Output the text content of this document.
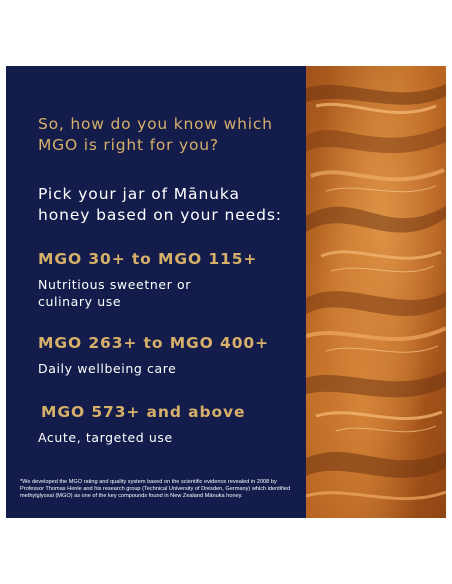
So, how do you know which
MGO is right for you?

Pick your jar of Mānuka
honey based on your needs:

MGO 30+ to MGO 115+

Nutritious sweetner or
culinary use

MGO 263+ to MGO 400+

Daily wellbeing care

MGO 573+ and above

Acute, targeted use

*We developed the MGO rating and quality system based on the scientific evidence revealed in 2008 by Professor Thomas Henle and his research group (Technical University of Dresden, Germany) which identified methylglyoxal (MGO) as one of the key compounds found in New Zealand Mānuka honey.
